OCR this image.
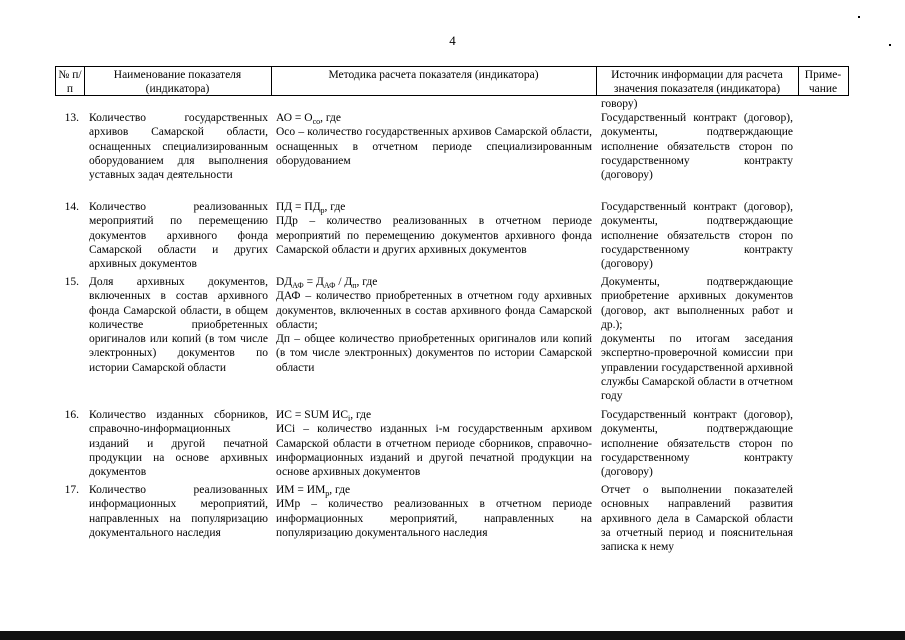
4
№ п/п
Наименование показателя (индикатора)
Методика расчета показателя (индикатора)	Источник информации для расчета значения показателя (индикатора)
Приме-чание
говору)
13. Количество государственных архивов Самарской области, оснащенных специализированным оборудованием для выполнения уставных задач деятельности
АО = $О_{со}$, где
Осо – количество государственных архивов Самарской области, оснащенных в отчетном периоде специализированным оборудованием
Государственный контракт (договор), документы, подтверждающие исполнение обязательств сторон по государственному контракту (договору)
14. Количество реализованных мероприятий по перемещению документов архивного фонда Самарской области и других архивных документов
ПД = $ПД_р$, где
ПДр – количество реализованных в отчетном периоде мероприятий по перемещению документов архивного фонда Самарской области и других архивных документов
Государственный контракт (договор), документы, подтверждающие исполнение обязательств сторон по государственному контракту (договору)
15. Доля архивных документов, включенных в состав архивного фонда Самарской области, в общем количестве приобретенных оригиналов или копий (в том числе электронных) документов по истории Самарской области
$DД_{АФ} = Д_{АФ} / Д_п$, где
ДАФ – количество приобретенных в отчетном году архивных документов, включенных в состав архивного фонда Самарской области;
Дп – общее количество приобретенных оригиналов или копий (в том числе электронных) документов по истории Самарской области
Документы, подтверждающие приобретение архивных документов (договор, акт выполненных работ и др.);
документы по итогам заседания экспертно-проверочной комиссии при управлении государственной архивной службы Самарской области в отчетном году
16. Количество изданных сборников, справочно-информационных изданий и другой печатной продукции на основе архивных документов
ИС = SUM $ИС_i$, где
ИСi – количество изданных i-м государственным архивом Самарской области в отчетном периоде сборников, справочно-информационных изданий и другой печатной продукции на основе архивных документов
Государственный контракт (договор), документы, подтверждающие исполнение обязательств сторон по государственному контракту (договору)
17. Количество реализованных информационных мероприятий, направленных на популяризацию документального наследия
ИМ = $ИМ_р$, где
ИМр – количество реализованных в отчетном периоде информационных мероприятий, направленных на популяризацию документального наследия
Отчет о выполнении показателей основных направлений развития архивного дела в Самарской области за отчетный период и пояснительная записка к нему
